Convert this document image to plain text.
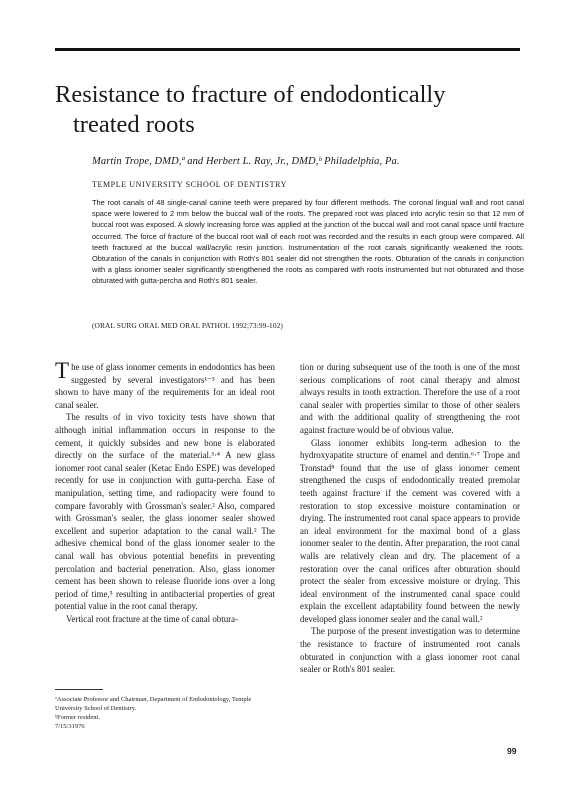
Resistance to fracture of endodontically
treated roots
Martin Trope, DMD,ª and Herbert L. Ray, Jr., DMD,ᵇ Philadelphia, Pa.
TEMPLE UNIVERSITY SCHOOL OF DENTISTRY

The root canals of 48 single-canal canine teeth were prepared by four different methods. The coronal lingual wall and root canal space were lowered to 2 mm below the buccal wall of the roots. The prepared root was placed into acrylic resin so that 12 mm of buccal root was exposed. A slowly increasing force was applied at the junction of the buccal wall and root canal space until fracture occurred. The force of fracture of the buccal root wall of each root was recorded and the results in each group were compared. All teeth fractured at the buccal wall/acrylic resin junction. Instrumentation of the root canals significantly weakened the roots. Obturation of the canals in conjunction with Roth's 801 sealer did not strengthen the roots. Obturation of the canals in conjunction with a glass ionomer sealer significantly strengthened the roots as compared with roots instrumented but not obturated and those obturated with gutta-percha and Roth's 801 sealer.

(ORAL SURG ORAL MED ORAL PATHOL 1992;73:99-102)

The use of glass ionomer cements in endodontics has been suggested by several investigators¹⁻³ and has been shown to have many of the requirements for an ideal root canal sealer.

The results of in vivo toxicity tests have shown that although initial inflammation occurs in response to the cement, it quickly subsides and new bone is elaborated directly on the surface of the material.³·⁴ A new glass ionomer root canal sealer (Ketac Endo ESPE) was developed recently for use in conjunction with gutta-percha. Ease of manipulation, setting time, and radiopacity were found to compare favorably with Grossman's sealer.² Also, compared with Grossman's sealer, the glass ionomer sealer showed excellent and superior adaptation to the canal wall.² The adhesive chemical bond of the glass ionomer sealer to the canal wall has obvious potential benefits in preventing percolation and bacterial penetration. Also, glass ionomer cement has been shown to release fluoride ions over a long period of time,⁵ resulting in antibacterial properties of great potential value in the root canal therapy.

Vertical root fracture at the time of canal obtura-

tion or during subsequent use of the tooth is one of the most serious complications of root canal therapy and almost always results in tooth extraction. Therefore the use of a root canal sealer with properties similar to those of other sealers and with the additional quality of strengthening the root against fracture would be of obvious value.

Glass ionomer exhibits long-term adhesion to the hydroxyapatite structure of enamel and dentin.⁶·⁷ Trope and Tronstad⁸ found that the use of glass ionomer cement strengthened the cusps of endodontically treated premolar teeth against fracture if the cement was covered with a restoration to stop excessive moisture contamination or drying. The instrumented root canal space appears to provide an ideal environment for the maximal bond of a glass ionomer sealer to the dentin. After preparation, the root canal walls are relatively clean and dry. The placement of a restoration over the canal orifices after obturation should protect the sealer from excessive moisture or drying. This ideal environment of the instrumented canal space could explain the excellent adaptability found between the newly developed glass ionomer sealer and the canal wall.²

The purpose of the present investigation was to determine the resistance to fracture of instrumented root canals obturated in conjunction with a glass ionomer root canal sealer or Roth's 801 sealer.

ªAssociate Professor and Chairman, Department of Endodontology, Temple University School of Dentistry.

ᵇFormer resident.

7/15/31976

99
